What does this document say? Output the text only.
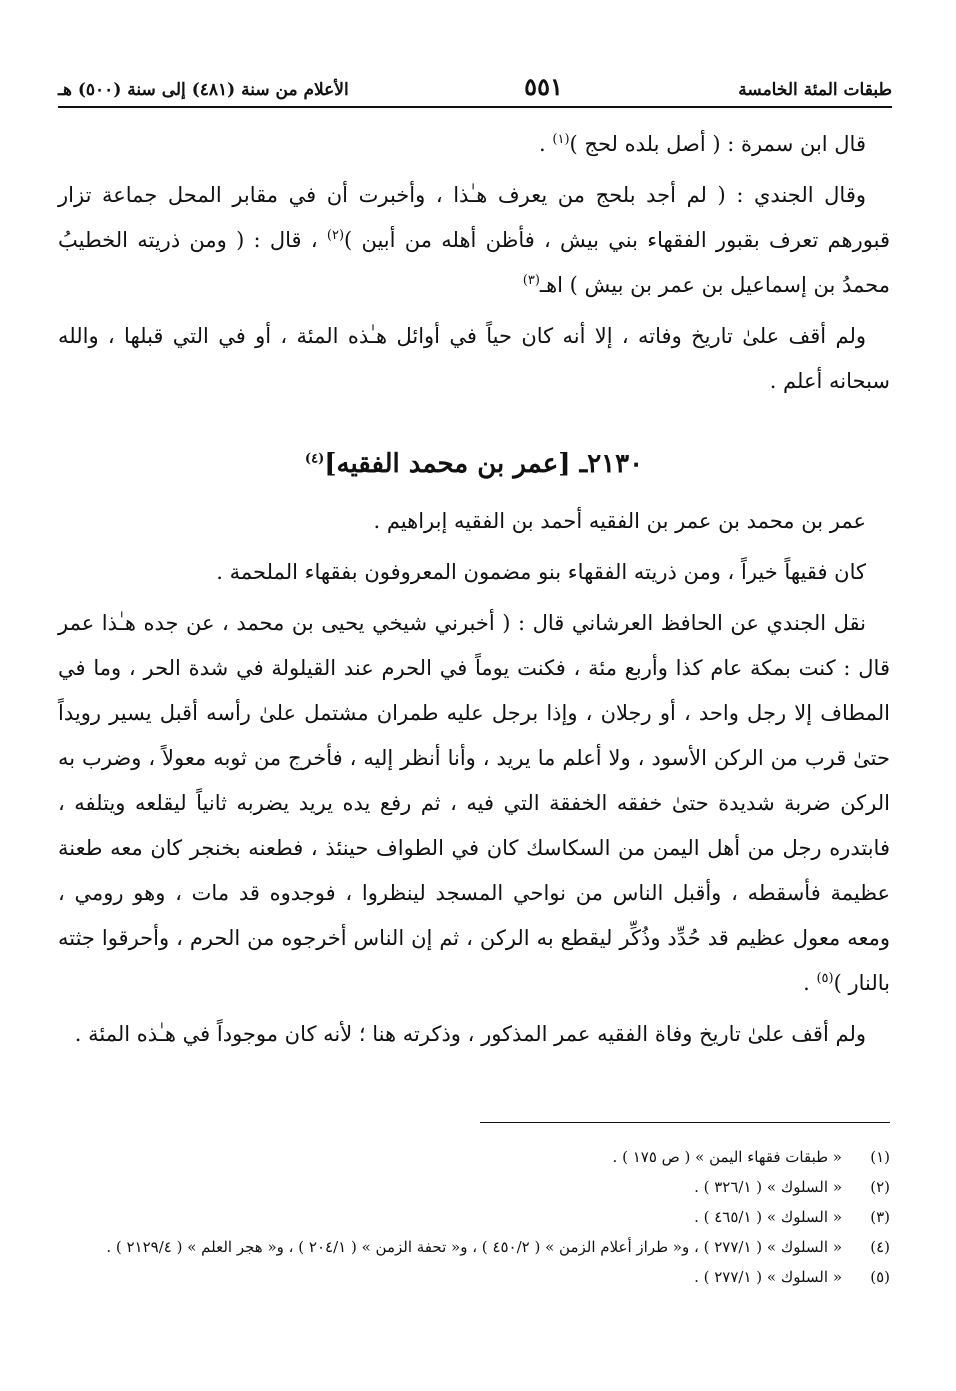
طبقات المئة الخامسة
٥٥١
الأعلام من سنة (٤٨١) إلى سنة (٥٠٠) هـ

قال ابن سمرة : ( أصل بلده لحج )$^{(١)}$ .

وقال الجندي : ( لم أجد بلحج من يعرف هـٰذا ، وأخبرت أن في مقابر المحل جماعة تزار قبورهم تعرف بقبور الفقهاء بني بيش ، فأظن أهله من أبين )$^{(٢)}$ ، قال : ( ومن ذريته الخطيبُ محمدُ بن إسماعيل بن عمر بن بيش ) اهـ$^{(٣)}$

ولم أقف علىٰ تاريخ وفاته ، إلا أنه كان حياً في أوائل هـٰذه المئة ، أو في التي قبلها ، والله سبحانه أعلم .

٢١٣٠ـ [عمر بن محمد الفقيه]$^{(٤)}$

عمر بن محمد بن عمر بن الفقيه أحمد بن الفقيه إبراهيم .

كان فقيهاً خيراً ، ومن ذريته الفقهاء بنو مضمون المعروفون بفقهاء الملحمة .

نقل الجندي عن الحافظ العرشاني قال : ( أخبرني شيخي يحيى بن محمد ، عن جده هـٰذا عمر قال : كنت بمكة عام كذا وأربع مئة ، فكنت يوماً في الحرم عند القيلولة في شدة الحر ، وما في المطاف إلا رجل واحد ، أو رجلان ، وإذا برجل عليه طمران مشتمل علىٰ رأسه أقبل يسير رويداً حتىٰ قرب من الركن الأسود ، ولا أعلم ما يريد ، وأنا أنظر إليه ، فأخرج من ثوبه معولاً ، وضرب به الركن ضربة شديدة حتىٰ خفقه الخفقة التي فيه ، ثم رفع يده يريد يضربه ثانياً ليقلعه ويتلفه ، فابتدره رجل من أهل اليمن من السكاسك كان في الطواف حينئذ ، فطعنه بخنجر كان معه طعنة عظيمة فأسقطه ، وأقبل الناس من نواحي المسجد لينظروا ، فوجدوه قد مات ، وهو رومي ، ومعه معول عظيم قد حُدِّد وذُكِّر ليقطع به الركن ، ثم إن الناس أخرجوه من الحرم ، وأحرقوا جثته بالنار )$^{(٥)}$ .

ولم أقف علىٰ تاريخ وفاة الفقيه عمر المذكور ، وذكرته هنا ؛ لأنه كان موجوداً في هـٰذه المئة .

(١)
« طبقات فقهاء اليمن » ( ص ١٧٥ ) .
(٢)
« السلوك » ( ٣٢٦/١ ) .
(٣)
« السلوك » ( ٤٦٥/١ ) .
(٤)
« السلوك » ( ٢٧٧/١ ) ، و« طراز أعلام الزمن » ( ٤٥٠/٢ ) ، و« تحفة الزمن » ( ٢٠٤/١ ) ، و« هجر العلم » ( ٢١٢٩/٤ ) .
(٥)
« السلوك » ( ٢٧٧/١ ) .
